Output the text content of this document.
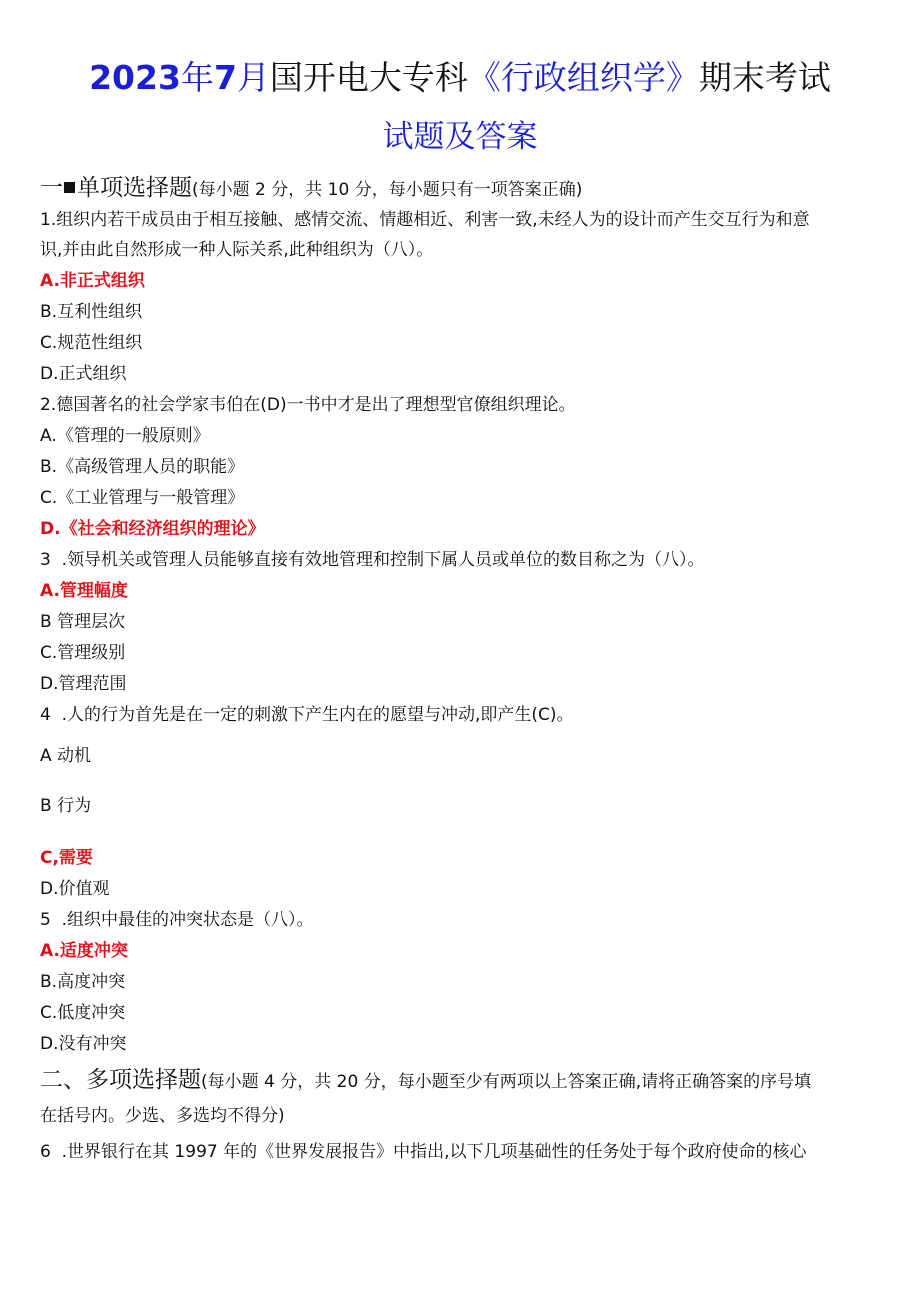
2023年7月国开电大专科《行政组织学》期末考试
试题及答案
一 单项选择题(每小题 2 分，共 10 分，每小题只有一项答案正确)
1.组织内若干成员由于相互接触、感情交流、情趣相近、利害一致,未经人为的设计而产生交互行为和意
识,并由此自然形成一种人际关系,此种组织为（八）。
A.非正式组织
B.互利性组织
C.规范性组织
D.正式组织
2.德国著名的社会学家韦伯在(D)一书中才是出了理想型官僚组织理论。
A.《管理的一般原则》
B.《高级管理人员的职能》
C.《工业管理与一般管理》
D.《社会和经济组织的理论》
3  .领导机关或管理人员能够直接有效地管理和控制下属人员或单位的数目称之为（八）。
A.管理幅度
B 管理层次
C.管理级别
D.管理范围
4  .人的行为首先是在一定的刺激下产生内在的愿望与冲动,即产生(C)。
A 动机
B 行为
C,需要
D.价值观
5  .组织中最佳的冲突状态是（八）。
A.适度冲突
B.高度冲突
C.低度冲突
D.没有冲突
二、多项选择题(每小题 4 分，共 20 分，每小题至少有两项以上答案正确,请将正确答案的序号填
在括号内。少选、多选均不得分)
6  .世界银行在其 1997 年的《世界发展报告》中指出,以下几项基础性的任务处于每个政府使命的核心
